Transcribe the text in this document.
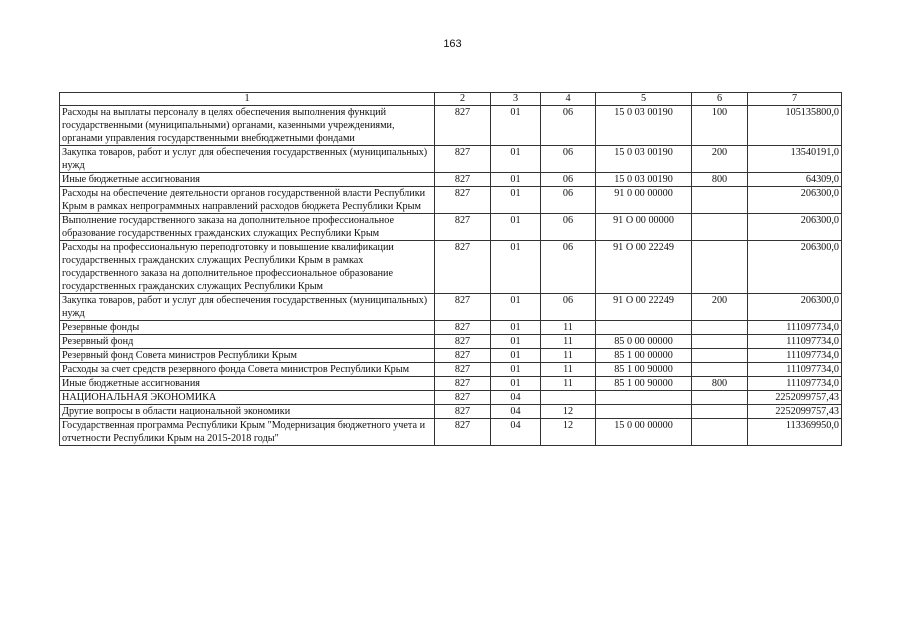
163
1	2	3	4	5	6	7
Расходы на выплаты персоналу в целях обеспечения выполнения функций государственными (муниципальными) органами, казенными учреждениями, органами управления государственными внебюджетными фондами	827	01	06	15 0 03 00190	100	105135800,0
Закупка товаров, работ и услуг для обеспечения государственных (муниципальных) нужд	827	01	06	15 0 03 00190	200	13540191,0
Иные бюджетные ассигнования	827	01	06	15 0 03 00190	800	64309,0
Расходы на обеспечение деятельности органов государственной власти Республики Крым в рамках непрограммных направлений расходов бюджета Республики Крым	827	01	06	91 0 00 00000		206300,0
Выполнение государственного заказа на дополнительное профессиональное образование государственных гражданских служащих Республики Крым	827	01	06	91 О 00 00000		206300,0
Расходы на профессиональную переподготовку и повышение квалификации государственных гражданских служащих Республики Крым в рамках государственного заказа на дополнительное профессиональное образование государственных гражданских служащих Республики Крым	827	01	06	91 О 00 22249		206300,0
Закупка товаров, работ и услуг для обеспечения государственных (муниципальных) нужд	827	01	06	91 О 00 22249	200	206300,0
Резервные фонды	827	01	11			111097734,0
Резервный фонд	827	01	11	85 0 00 00000		111097734,0
Резервный фонд Совета министров Республики Крым	827	01	11	85 1 00 00000		111097734,0
Расходы за счет средств резервного фонда Совета министров Республики Крым	827	01	11	85 1 00 90000		111097734,0
Иные бюджетные ассигнования	827	01	11	85 1 00 90000	800	111097734,0
НАЦИОНАЛЬНАЯ ЭКОНОМИКА	827	04				2252099757,43
Другие вопросы в области национальной экономики	827	04	12			2252099757,43
Государственная программа Республики Крым "Модернизация бюджетного учета и отчетности Республики Крым на 2015-2018 годы"	827	04	12	15 0 00 00000		113369950,0
